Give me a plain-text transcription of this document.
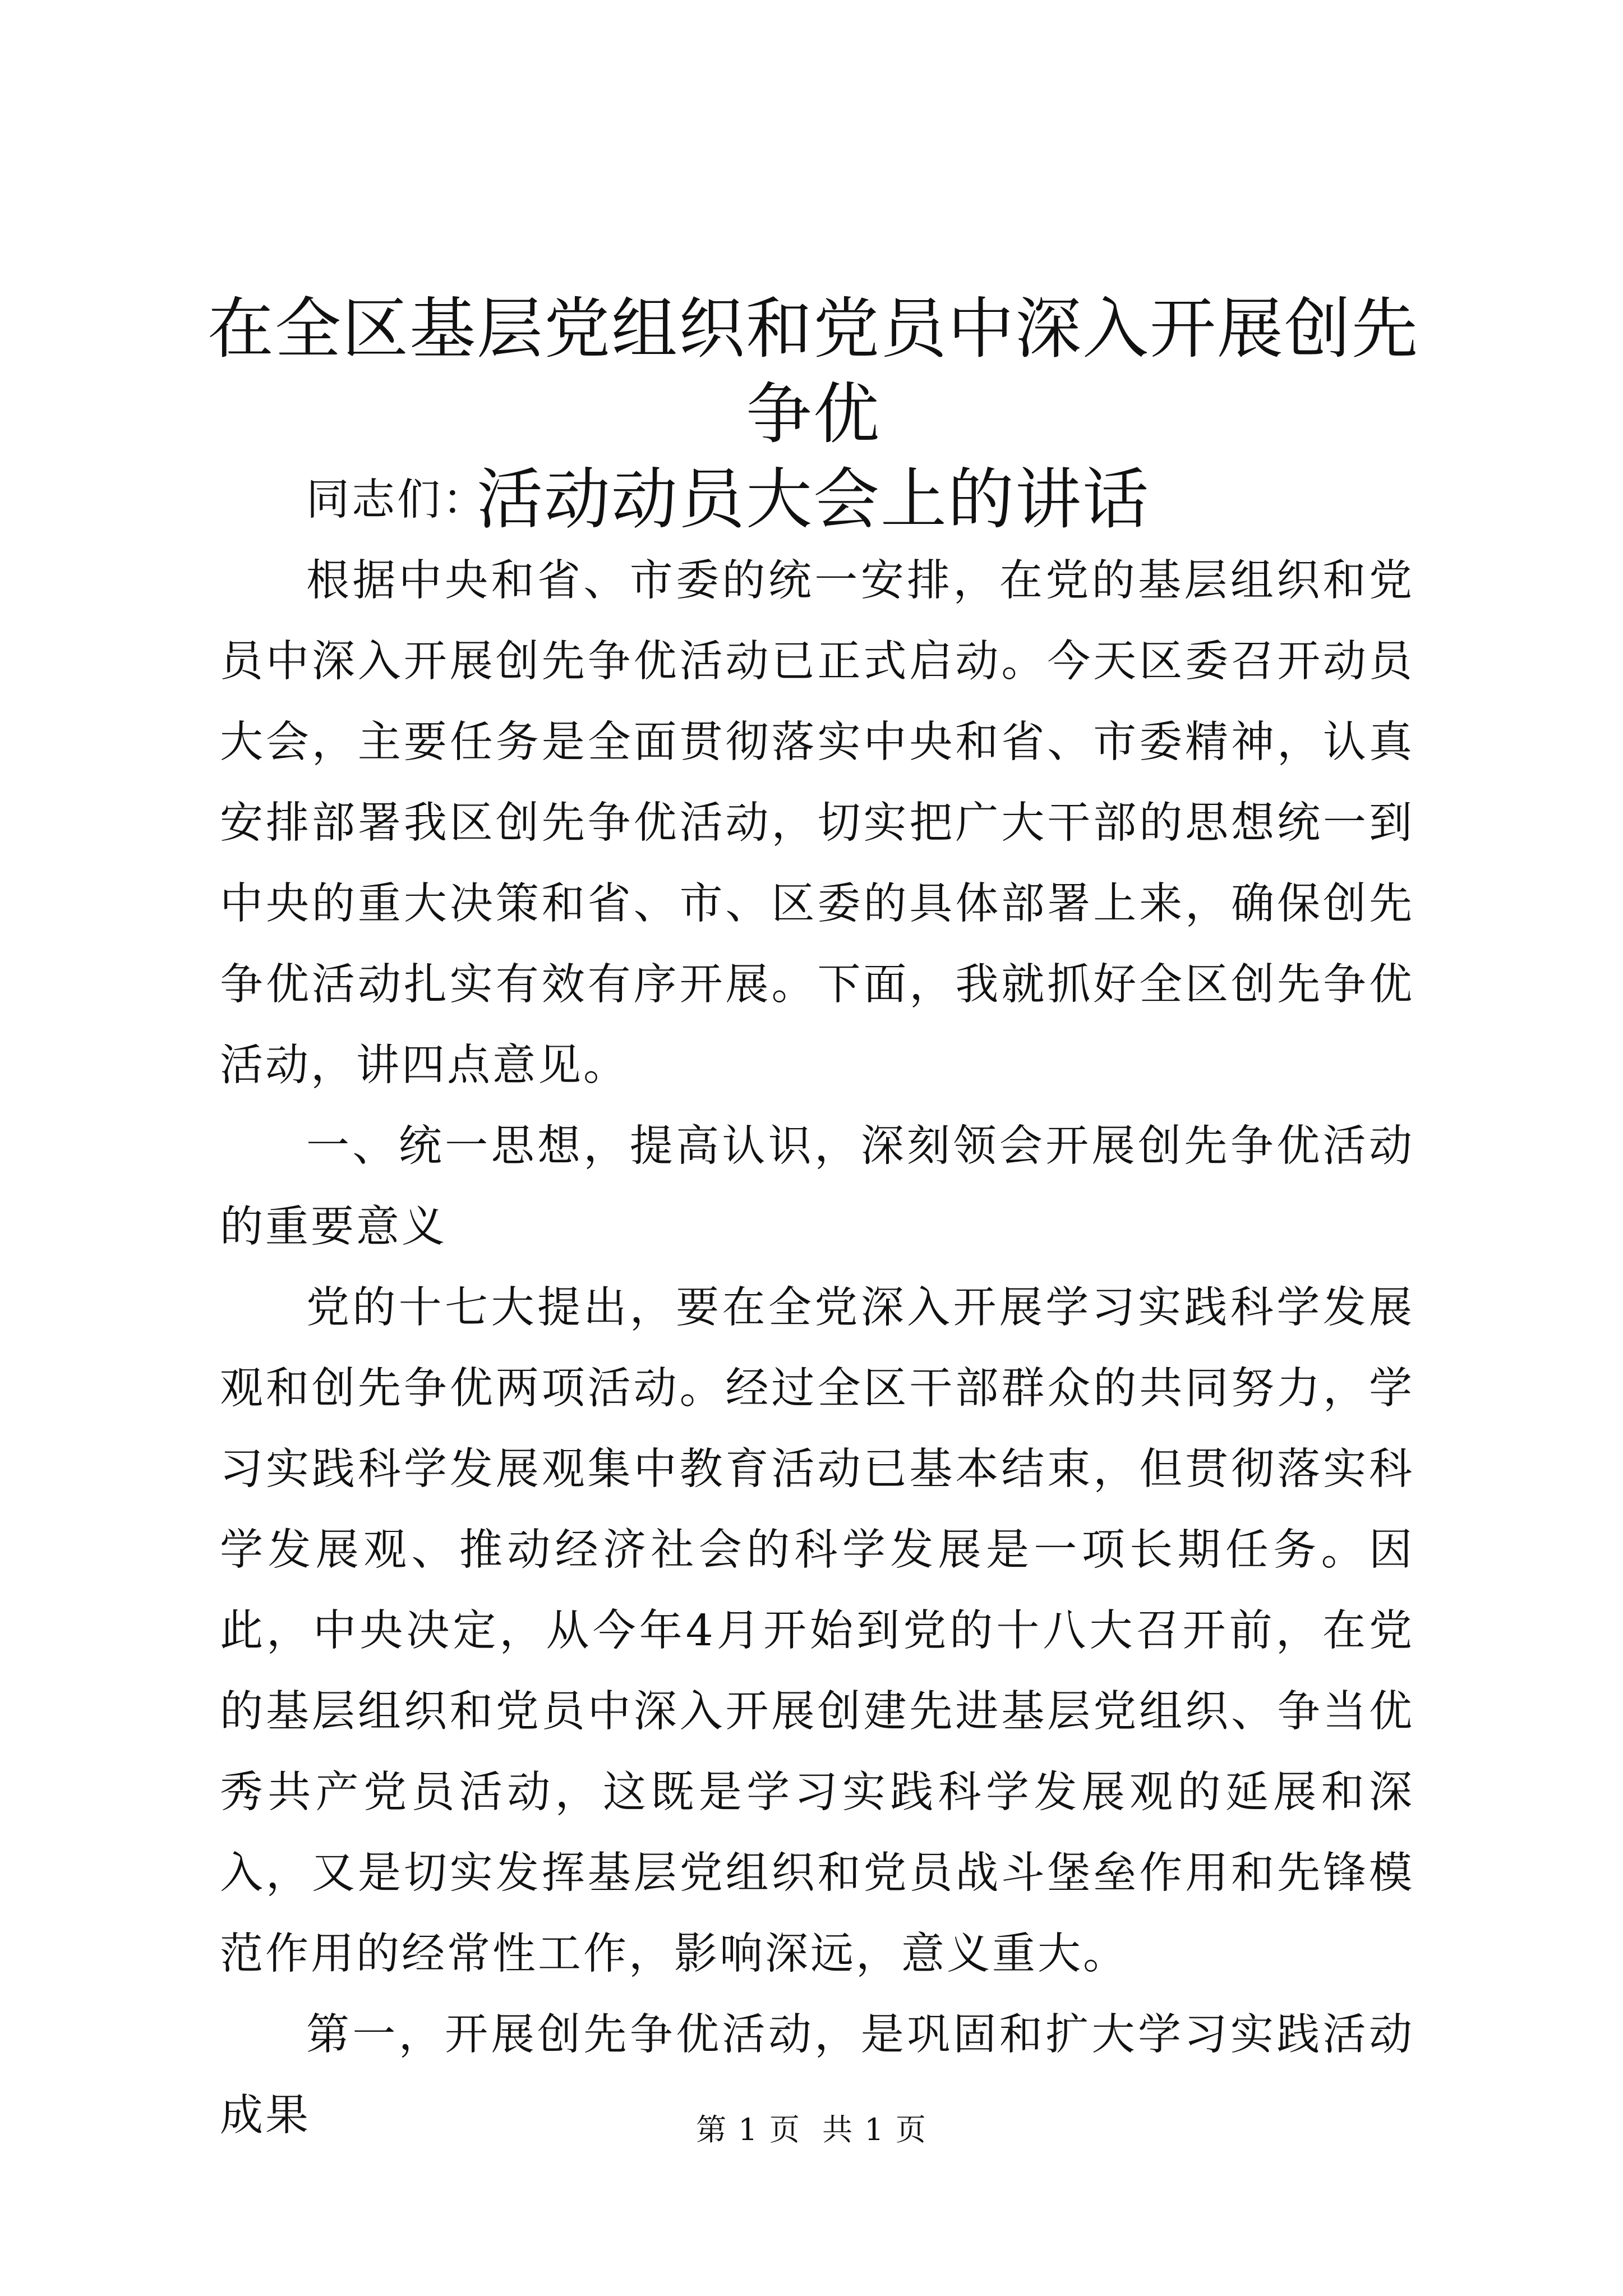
在全区基层党组织和党员中深入开展创先争优
活动动员大会上的讲话

同志们：

根据中央和省、市委的统一安排，在党的基层组织和党员中深入开展创先争优活动已正式启动。今天区委召开动员大会，主要任务是全面贯彻落实中央和省、市委精神，认真安排部署我区创先争优活动，切实把广大干部的思想统一到中央的重大决策和省、市、区委的具体部署上来，确保创先争优活动扎实有效有序开展。下面，我就抓好全区创先争优活动，讲四点意见。

一、统一思想，提高认识，深刻领会开展创先争优活动的重要意义

党的十七大提出，要在全党深入开展学习实践科学发展观和创先争优两项活动。经过全区干部群众的共同努力，学习实践科学发展观集中教育活动已基本结束，但贯彻落实科学发展观、推动经济社会的科学发展是一项长期任务。因此，中央决定，从今年4月开始到党的十八大召开前，在党的基层组织和党员中深入开展创建先进基层党组织、争当优秀共产党员活动，这既是学习实践科学发展观的延展和深入，又是切实发挥基层党组织和党员战斗堡垒作用和先锋模范作用的经常性工作，影响深远，意义重大。

第一，开展创先争优活动，是巩固和扩大学习实践活动成果	第 1 页  共 1 页
